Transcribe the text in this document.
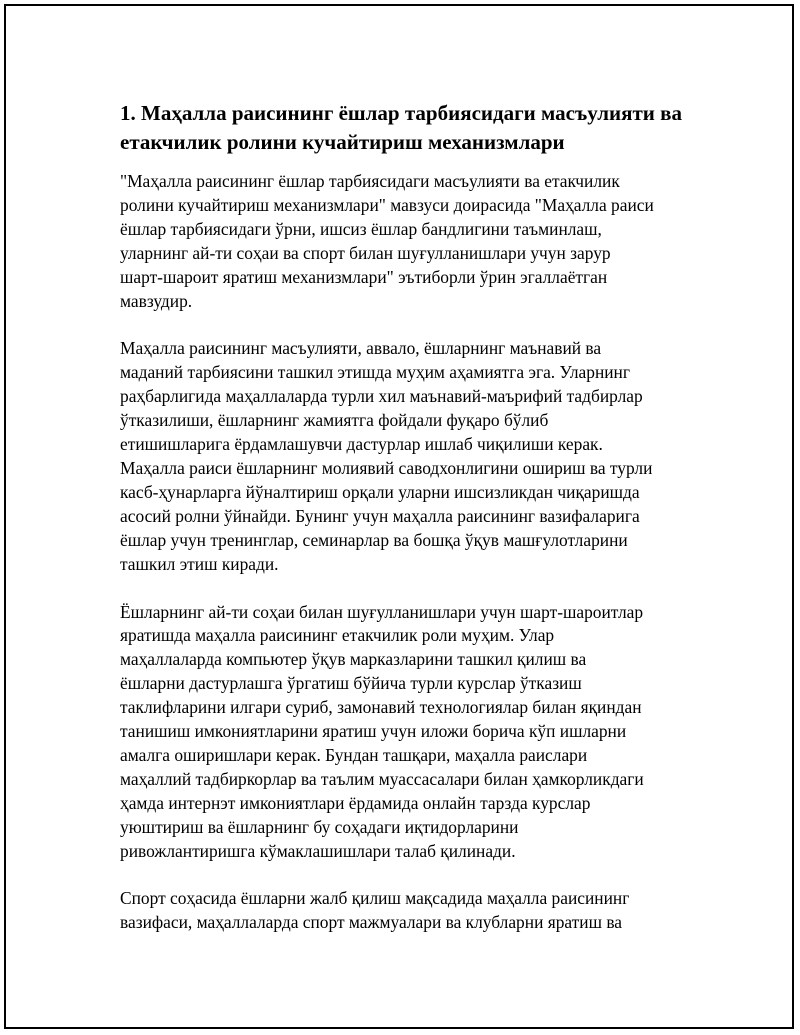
1. Маҳалла раисининг ёшлар тарбиясидаги масъулияти ва
етакчилик ролини кучайтириш механизмлари

"Маҳалла раисининг ёшлар тарбиясидаги масъулияти ва етакчилик
ролини кучайтириш механизмлари" мавзуси доирасида "Маҳалла раиси
ёшлар тарбиясидаги ўрни, ишсиз ёшлар бандлигини таъминлаш,
уларнинг ай-ти соҳаи ва спорт билан шуғулланишлари учун зарур
шарт-шароит яратиш механизмлари" эътиборли ўрин эгаллаётган
мавзудир.

Маҳалла раисининг масъулияти, аввало, ёшларнинг маънавий ва
маданий тарбиясини ташкил этишда муҳим аҳамиятга эга. Уларнинг
раҳбарлигида маҳаллаларда турли хил маънавий-маърифий тадбирлар
ўтказилиши, ёшларнинг жамиятга фойдали фуқаро бўлиб
етишишларига ёрдамлашувчи дастурлар ишлаб чиқилиши керак.
Маҳалла раиси ёшларнинг молиявий саводхонлигини ошириш ва турли
касб-ҳунарларга йўналтириш орқали уларни ишсизликдан чиқаришда
асосий ролни ўйнайди. Бунинг учун маҳалла раисининг вазифаларига
ёшлар учун тренинглар, семинарлар ва бошқа ўқув машғулотларини
ташкил этиш киради.

Ёшларнинг ай-ти соҳаи билан шуғулланишлари учун шарт-шароитлар
яратишда маҳалла раисининг етакчилик роли муҳим. Улар
маҳаллаларда компьютер ўқув марказларини ташкил қилиш ва
ёшларни дастурлашга ўргатиш бўйича турли курслар ўтказиш
таклифларини илгари суриб, замонавий технологиялар билан яқиндан
танишиш имкониятларини яратиш учун иложи борича кўп ишларни
амалга оширишлари керак. Бундан ташқари, маҳалла раислари
маҳаллий тадбиркорлар ва таълим муассасалари билан ҳамкорликдаги
ҳамда интернэт имкониятлари ёрдамида онлайн тарзда курслар
уюштириш ва ёшларнинг бу соҳадаги иқтидорларини
ривожлантиришга кўмаклашишлари талаб қилинади.

Спорт соҳасида ёшларни жалб қилиш мақсадида маҳалла раисининг
вазифаси, маҳаллаларда спорт мажмуалари ва клубларни яратиш ва
